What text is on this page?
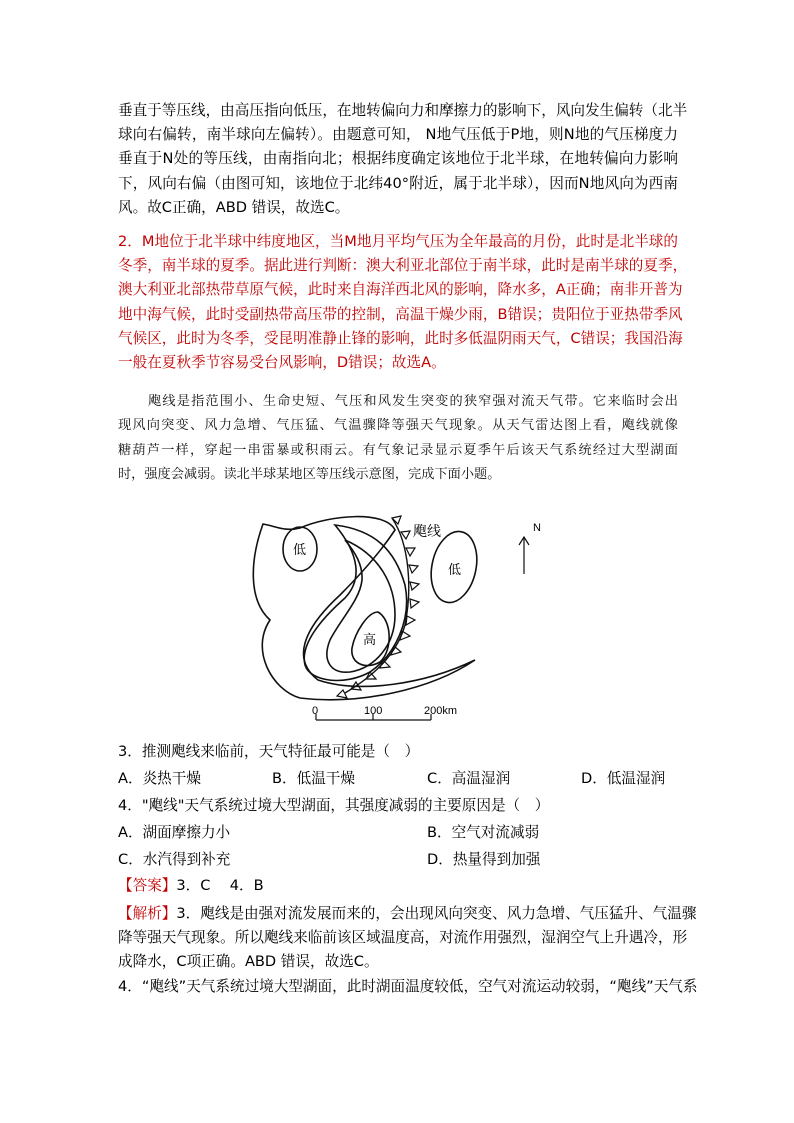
垂直于等压线，由高压指向低压，在地转偏向力和摩擦力的影响下，风向发生偏转（北半
球向右偏转，南半球向左偏转）。由题意可知， N地气压低于P地，则N地的气压梯度力
垂直于N处的等压线，由南指向北；根据纬度确定该地位于北半球，在地转偏向力影响
下，风向右偏（由图可知，该地位于北纬40°附近，属于北半球），因而N地风向为西南
风。故C正确，ABD 错误，故选C。
2．M地位于北半球中纬度地区，当M地月平均气压为全年最高的月份，此时是北半球的
冬季，南半球的夏季。据此进行判断：澳大利亚北部位于南半球，此时是南半球的夏季，
澳大利亚北部热带草原气候，此时来自海洋西北风的影响，降水多，A正确；南非开普为
地中海气候，此时受副热带高压带的控制，高温干燥少雨，B错误；贵阳位于亚热带季风
气候区，此时为冬季，受昆明准静止锋的影响，此时多低温阴雨天气，C错误；我国沿海
一般在夏秋季节容易受台风影响，D错误；故选A。
飑线是指范围小、生命史短、气压和风发生突变的狭窄强对流天气带。它来临时会出
现风向突变、风力急增、气压猛、气温骤降等强天气现象。从天气雷达图上看，飑线就像
糖葫芦一样，穿起一串雷暴或积雨云。有气象记录显示夏季午后该天气系统经过大型湖面
时，强度会减弱。读北半球某地区等压线示意图，完成下面小题。
飑线
低
低
高
N
0	100	200km
3．推测飑线来临前，天气特征最可能是（　）
A．炎热干燥	B．低温干燥	C．高温湿润	D．低温湿润
4．"飑线"天气系统过境大型湖面，其强度减弱的主要原因是（　）
A．湖面摩擦力小	B．空气对流减弱
C．水汽得到补充	D．热量得到加强
【答案】3．C　 4．B
【解析】3．飑线是由强对流发展而来的，会出现风向突变、风力急增、气压猛升、气温骤
降等强天气现象。所以飑线来临前该区域温度高，对流作用强烈，湿润空气上升遇冷，形
成降水，C项正确。ABD 错误，故选C。
4．“飑线”天气系统过境大型湖面，此时湖面温度较低，空气对流运动较弱，“飑线”天气系
